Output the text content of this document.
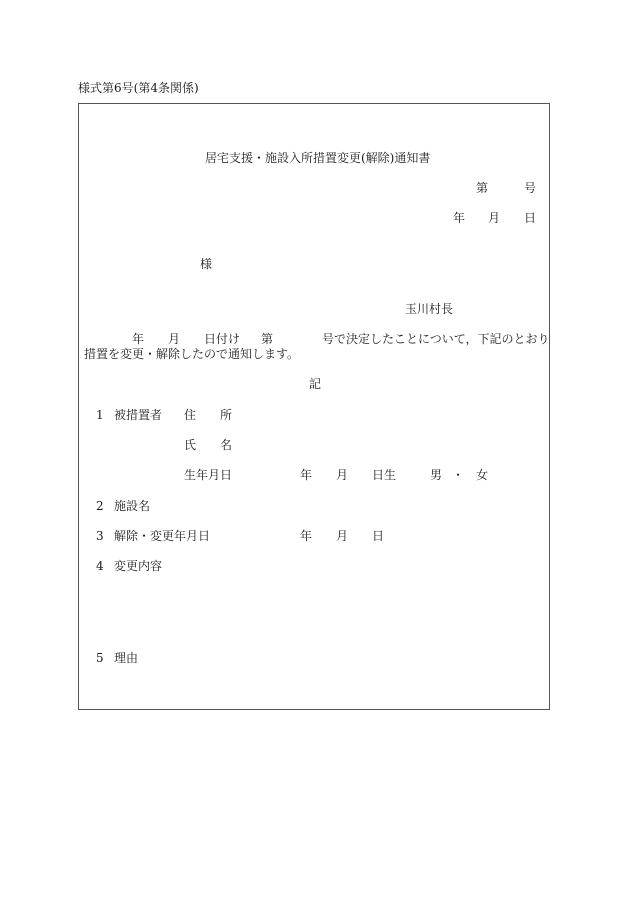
様式第6号(第4条関係)
居宅支援・施設入所措置変更(解除)通知書
第	号
年 月 日
様
玉川村長
年 月 日付け 第	号で決定したことについて，下記のとおり
措置を変更・解除したので通知します。
記
1 被措置者 住　　所
氏　　名
生年月日	年 月 日生	男 ・ 女
2 施設名
3 解除・変更年月日	年 月 日
4 変更内容
5 理由
